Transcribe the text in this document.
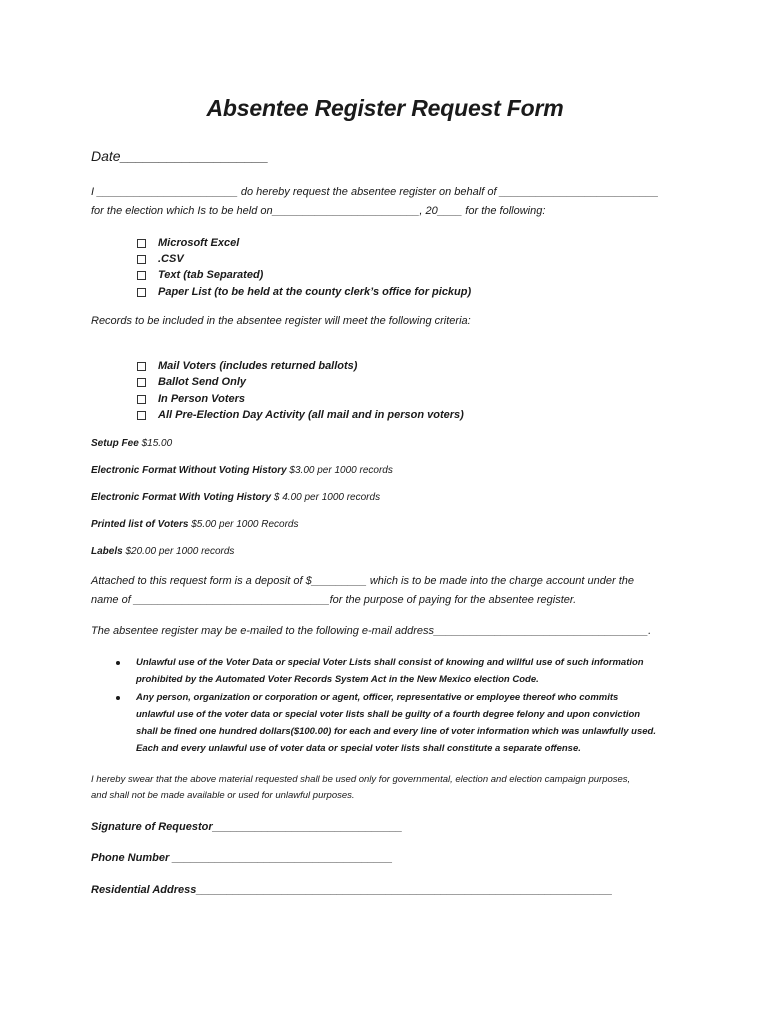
Absentee Register Request Form
Date___________________
I _______________________ do hereby request the absentee register on behalf of __________________________
for the election which Is to be held on________________________, 20____ for the following:
Microsoft Excel
.CSV
Text (tab Separated)
Paper List (to be held at the county clerk’s office for pickup)
Records to be included in the absentee register will meet the following criteria:
Mail Voters (includes returned ballots)
Ballot Send Only
In Person Voters
All Pre-Election Day Activity (all mail and in person voters)
Setup Fee $15.00
Electronic Format Without Voting History $3.00 per 1000 records
Electronic Format With Voting History $ 4.00 per 1000 records
Printed list of Voters $5.00 per 1000 Records
Labels $20.00 per 1000 records
Attached to this request form is a deposit of $_________ which is to be made into the charge account under the
name of ________________________________for the purpose of paying for the absentee register.
The absentee register may be e-mailed to the following e-mail address___________________________________.
Unlawful use of the Voter Data or special Voter Lists shall consist of knowing and willful use of such information
prohibited by the Automated Voter Records System Act in the New Mexico election Code.
Any person, organization or corporation or agent, officer, representative or employee thereof who commits
unlawful use of the voter data or special voter lists shall be guilty of a fourth degree felony and upon conviction
shall be fined one hundred dollars($100.00) for each and every line of voter information which was unlawfully used.
Each and every unlawful use of voter data or special voter lists shall constitute a separate offense.
I hereby swear that the above material requested shall be used only for governmental, election and election campaign purposes,
and shall not be made available or used for unlawful purposes.
Signature of Requestor_______________________________
Phone Number ____________________________________
Residential Address____________________________________________________________________
